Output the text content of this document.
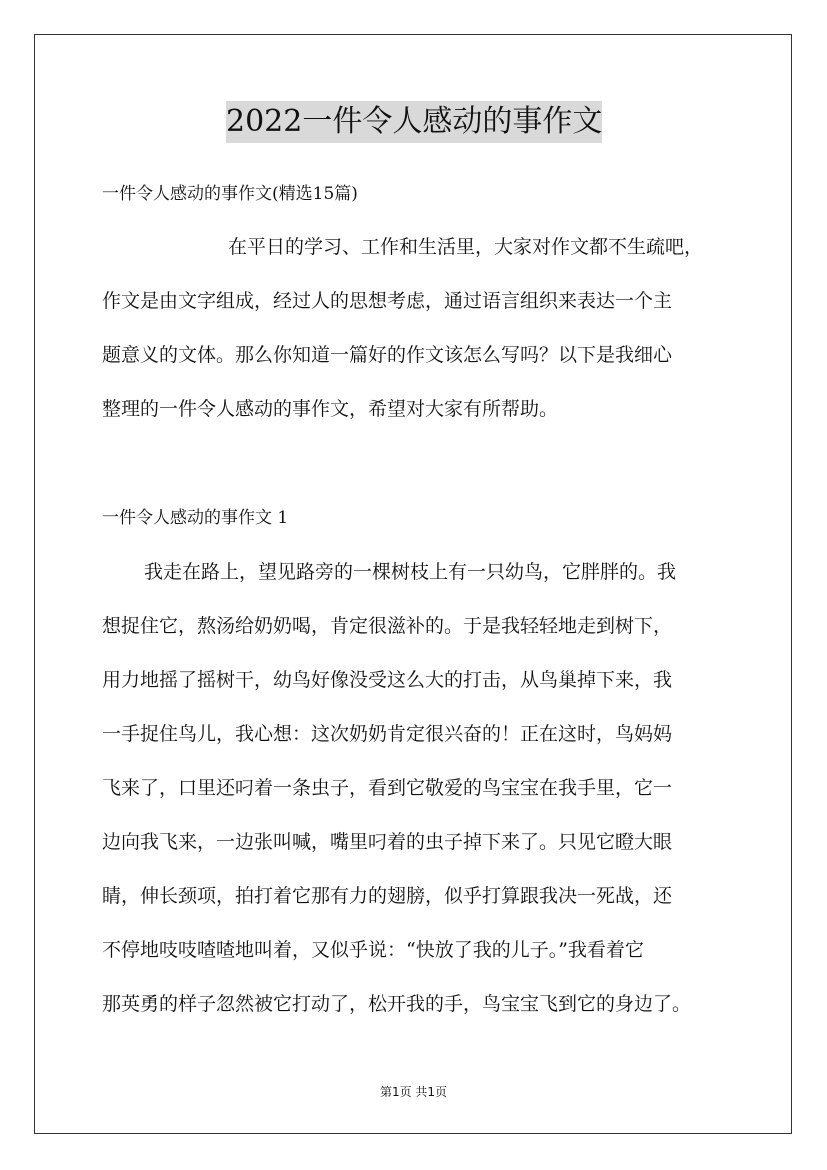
2022一件令人感动的事作文
一件令人感动的事作文(精选15篇)
在平日的学习、工作和生活里，大家对作文都不生疏吧，
作文是由文字组成，经过人的思想考虑，通过语言组织来表达一个主
题意义的文体。那么你知道一篇好的作文该怎么写吗？以下是我细心
整理的一件令人感动的事作文，希望对大家有所帮助。
一件令人感动的事作文 1
我走在路上，望见路旁的一棵树枝上有一只幼鸟，它胖胖的。我
想捉住它，熬汤给奶奶喝，肯定很滋补的。于是我轻轻地走到树下，
用力地摇了摇树干，幼鸟好像没受这么大的打击，从鸟巢掉下来，我
一手捉住鸟儿，我心想：这次奶奶肯定很兴奋的！正在这时，鸟妈妈
飞来了，口里还叼着一条虫子，看到它敬爱的鸟宝宝在我手里，它一
边向我飞来，一边张叫喊，嘴里叼着的虫子掉下来了。只见它瞪大眼
睛，伸长颈项，拍打着它那有力的翅膀，似乎打算跟我决一死战，还
不停地吱吱喳喳地叫着，又似乎说：“快放了我的儿子。”我看着它
那英勇的样子忽然被它打动了，松开我的手，鸟宝宝飞到它的身边了。
第1页 共1页
